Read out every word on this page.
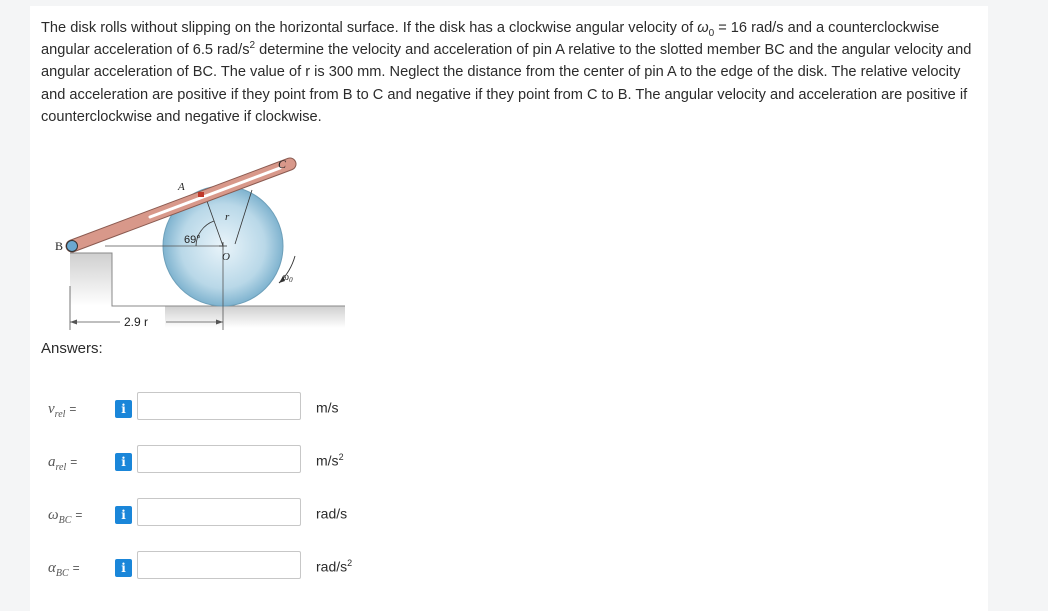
The disk rolls without slipping on the horizontal surface. If the disk has a clockwise angular velocity of $\omega_0 = 16$ rad/s and a counterclockwise angular acceleration of 6.5 rad/$s^2$ determine the velocity and acceleration of pin A relative to the slotted member BC and the angular velocity and angular acceleration of BC. The value of r is 300 mm. Neglect the distance from the center of pin A to the edge of the disk. The relative velocity and acceleration are positive if they point from B to C and negative if they point from C to B. The angular velocity and acceleration are positive if counterclockwise and negative if clockwise.
B
A
C
O
r
69°
$\omega_0$
2.9 r
Answers:
$v_{rel}$ =	i	m/s
$a_{rel}$ =	i	$m/s^2$
$\omega_{BC}$ =	i	rad/s
$\alpha_{BC}$ =	i	rad/$s^2$
